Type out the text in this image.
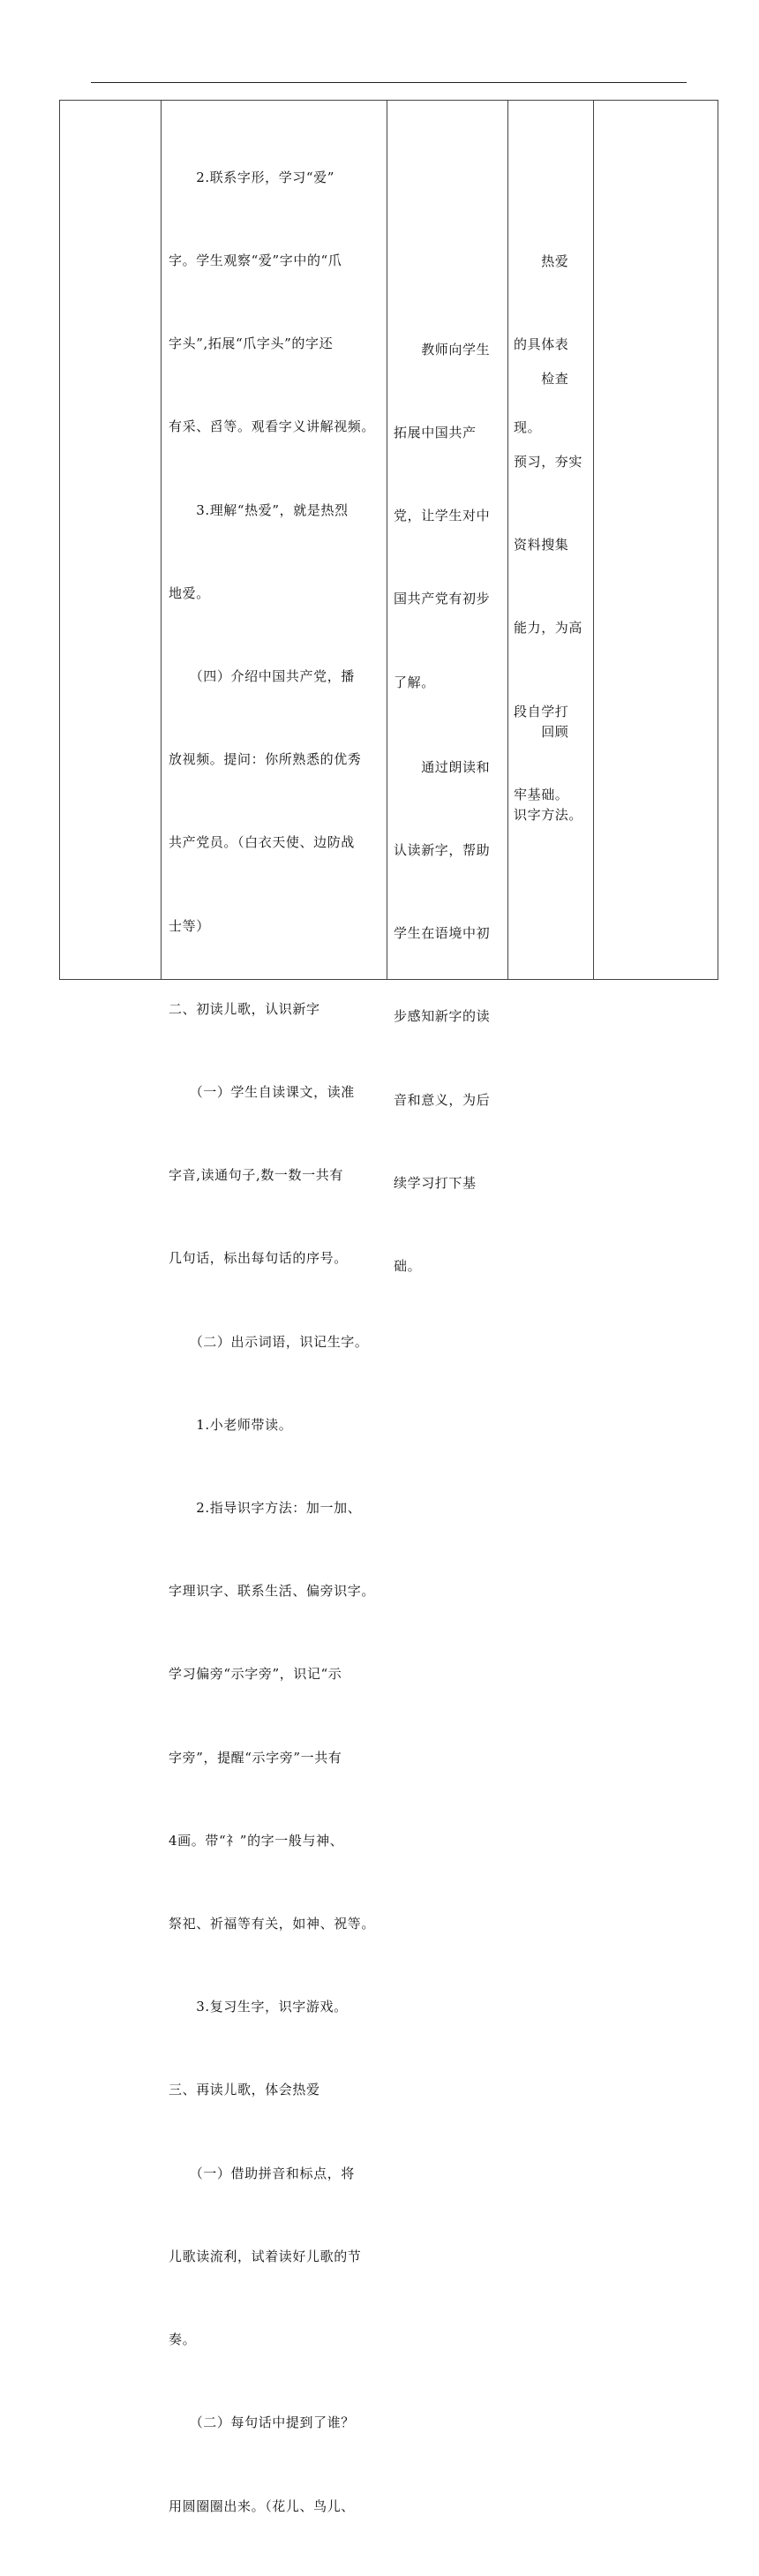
　　2.联系字形，学习“爱”

字。学生观察“爱”字中的“爪

字头”,拓展“爪字头”的字还

有采、舀等。观看字义讲解视频。

　　3.理解“热爱”，就是热烈

地爱。

　　（四）介绍中国共产党，播

放视频。提问：你所熟悉的优秀

共产党员。（白衣天使、边防战

士等）

二、初读儿歌，认识新字

　　（一）学生自读课文，读准

字音,读通句子,数一数一共有

几句话，标出每句话的序号。

　　（二）出示词语，识记生字。

　　1.小老师带读。

　　2.指导识字方法：加一加、

字理识字、联系生活、偏旁识字。

学习偏旁“示字旁”，识记“示

字旁”，提醒“示字旁”一共有

4画。带“礻”的字一般与神、

祭祀、祈福等有关，如神、祝等。

　　3.复习生字，识字游戏。

三、再读儿歌，体会热爱

　　（一）借助拼音和标点，将

儿歌读流利，试着读好儿歌的节

奏。

　　（二）每句话中提到了谁？

用圆圈圈出来。（花儿、鸟儿、

　　教师向学生

拓展中国共产

党，让学生对中

国共产党有初步

了解。

　　通过朗读和

认读新字，帮助

学生在语境中初

步感知新字的读

音和意义，为后

续学习打下基

础。

　　热爱

的具体表

现。

　　检查

预习，夯实

资料搜集

能力，为高

段自学打

牢基础。

　　回顾

识字方法。
